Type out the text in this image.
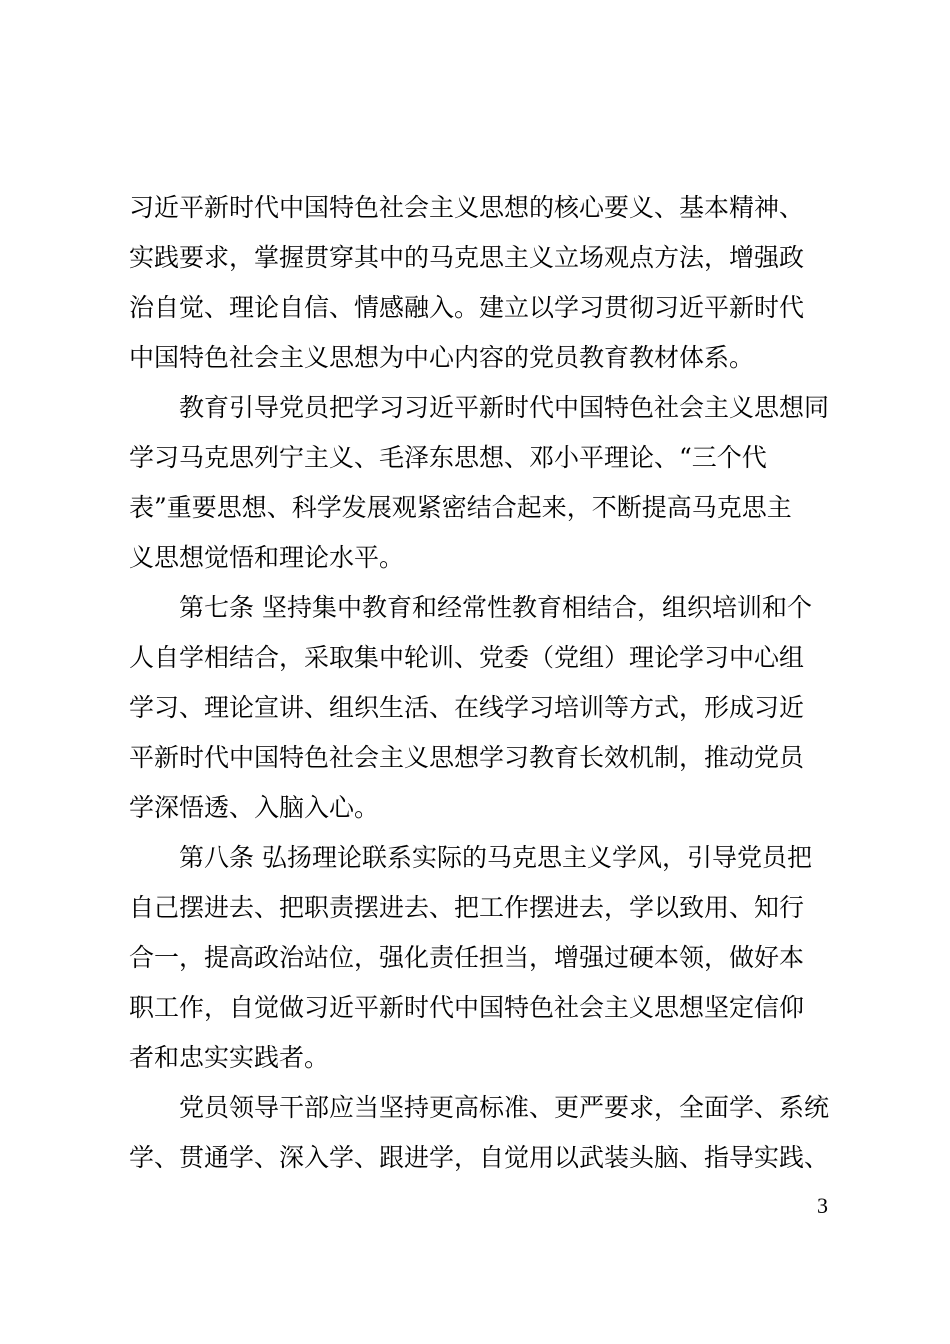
习近平新时代中国特色社会主义思想的核心要义、基本精神、
实践要求，掌握贯穿其中的马克思主义立场观点方法，增强政
治自觉、理论自信、情感融入。建立以学习贯彻习近平新时代
中国特色社会主义思想为中心内容的党员教育教材体系。
教育引导党员把学习习近平新时代中国特色社会主义思想同
学习马克思列宁主义、毛泽东思想、邓小平理论、“三个代
表”重要思想、科学发展观紧密结合起来，不断提高马克思主
义思想觉悟和理论水平。
第七条 坚持集中教育和经常性教育相结合，组织培训和个
人自学相结合，采取集中轮训、党委（党组）理论学习中心组
学习、理论宣讲、组织生活、在线学习培训等方式，形成习近
平新时代中国特色社会主义思想学习教育长效机制，推动党员
学深悟透、入脑入心。
第八条 弘扬理论联系实际的马克思主义学风，引导党员把
自己摆进去、把职责摆进去、把工作摆进去，学以致用、知行
合一，提高政治站位，强化责任担当，增强过硬本领，做好本
职工作，自觉做习近平新时代中国特色社会主义思想坚定信仰
者和忠实实践者。
党员领导干部应当坚持更高标准、更严要求，全面学、系统
学、贯通学、深入学、跟进学，自觉用以武装头脑、指导实践、
3
